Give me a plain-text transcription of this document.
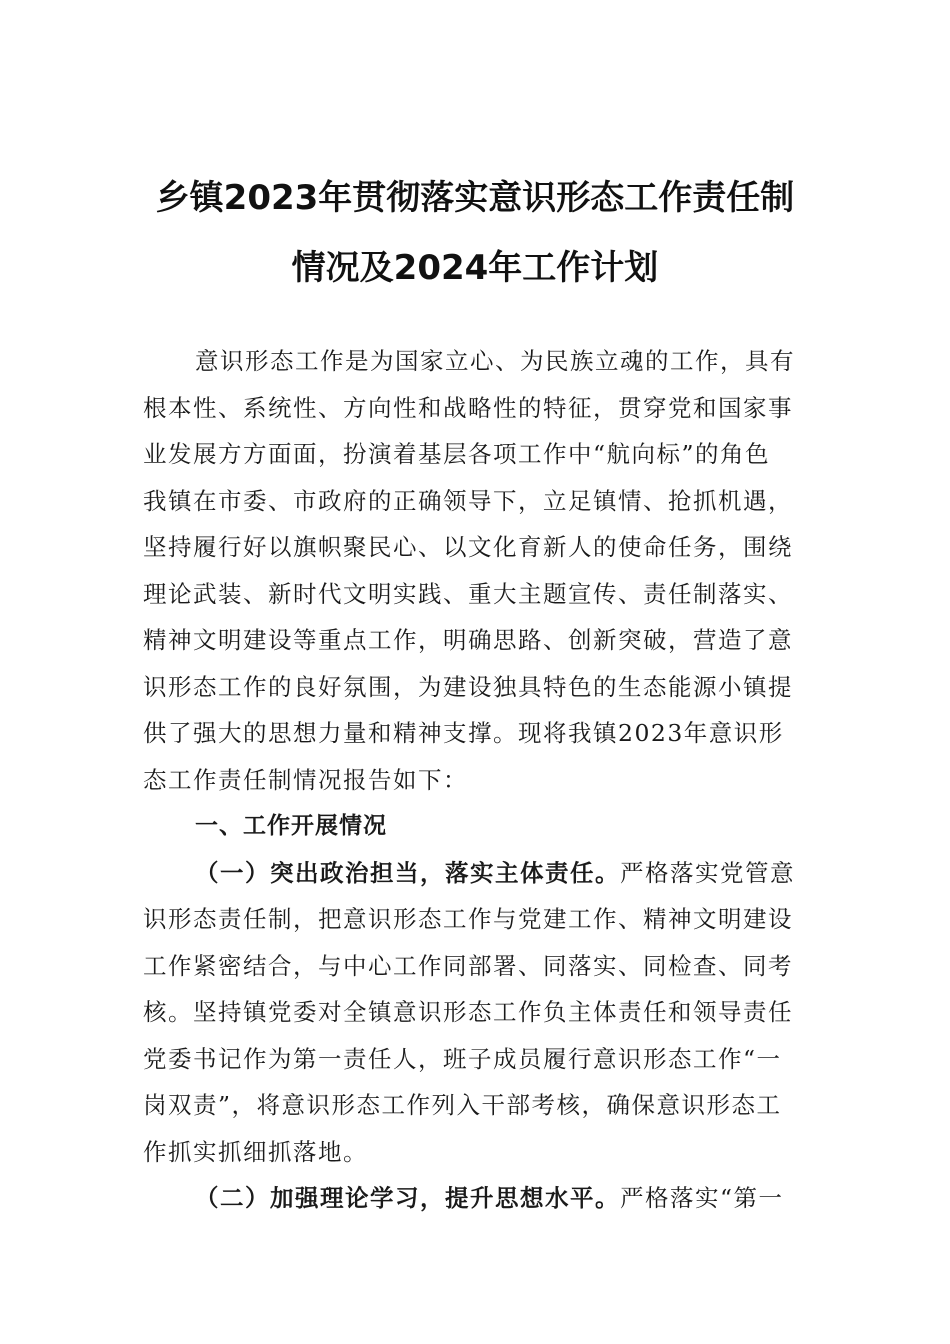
乡镇2023年贯彻落实意识形态工作责任制
情况及2024年工作计划
意识形态工作是为国家立心、为民族立魂的工作，具有
根本性、系统性、方向性和战略性的特征，贯穿党和国家事
业发展方方面面，扮演着基层各项工作中“航向标”的角色
我镇在市委、市政府的正确领导下，立足镇情、抢抓机遇，
坚持履行好以旗帜聚民心、以文化育新人的使命任务，围绕
理论武装、新时代文明实践、重大主题宣传、责任制落实、
精神文明建设等重点工作，明确思路、创新突破，营造了意
识形态工作的良好氛围，为建设独具特色的生态能源小镇提
供了强大的思想力量和精神支撑。现将我镇2023年意识形
态工作责任制情况报告如下：
一、工作开展情况
（一）突出政治担当，落实主体责任。严格落实党管意
识形态责任制，把意识形态工作与党建工作、精神文明建设
工作紧密结合，与中心工作同部署、同落实、同检查、同考
核。坚持镇党委对全镇意识形态工作负主体责任和领导责任
党委书记作为第一责任人，班子成员履行意识形态工作“一
岗双责”，将意识形态工作列入干部考核，确保意识形态工
作抓实抓细抓落地。
（二）加强理论学习，提升思想水平。严格落实“第一
